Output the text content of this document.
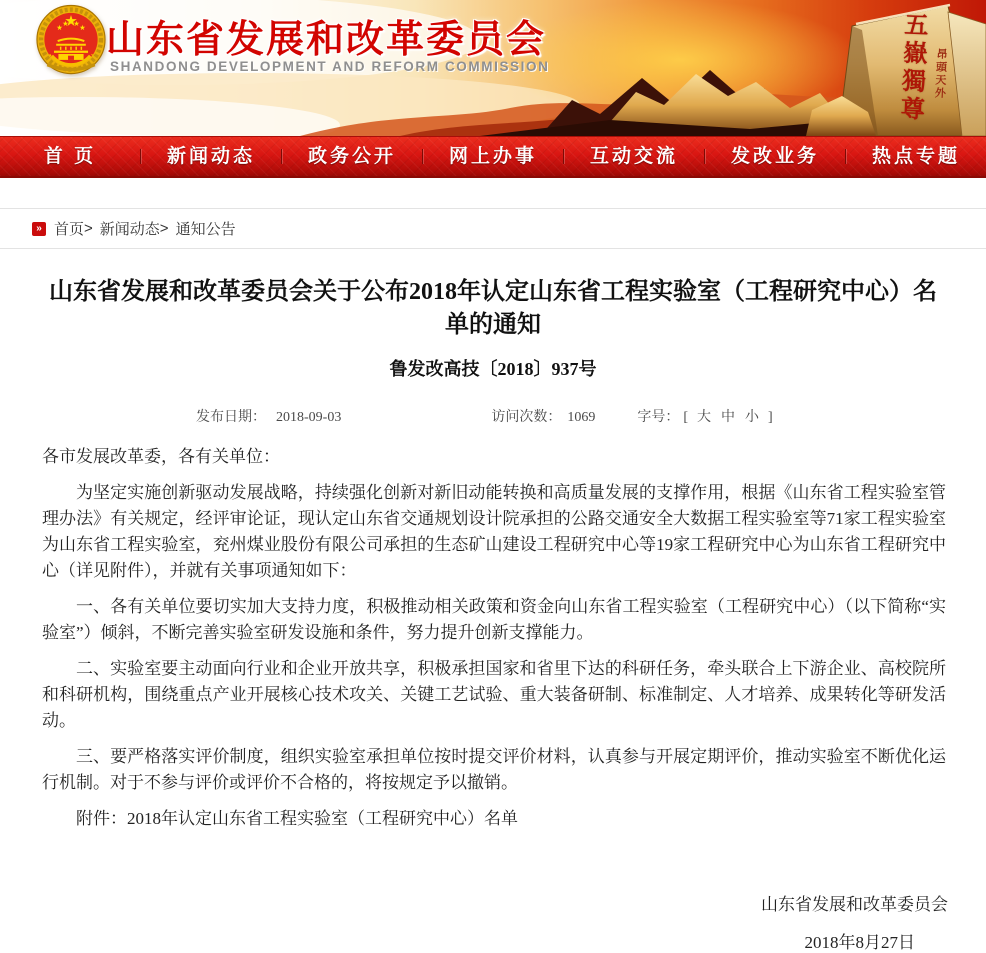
山东省发展和改革委员会
SHANDONG DEVELOPMENT AND REFORM COMMISSION	五嶽獨尊 昂頭天外
首 页	新闻动态	政务公开	网上办事	互动交流	发改业务	热点专题
» 首页 > 新闻动态 > 通知公告
山东省发展和改革委员会关于公布2018年认定山东省工程实验室（工程研究中心）名单的通知
鲁发改高技〔2018〕937号
发布日期： 2018-09-03	访问次数： 1069	字号： [ 大 中 小 ]

各市发展改革委，各有关单位：

为坚定实施创新驱动发展战略，持续强化创新对新旧动能转换和高质量发展的支撑作用，根据《山东省工程实验室管理办法》有关规定，经评审论证，现认定山东省交通规划设计院承担的公路交通安全大数据工程实验室等71家工程实验室为山东省工程实验室，兖州煤业股份有限公司承担的生态矿山建设工程研究中心等19家工程研究中心为山东省工程研究中心（详见附件），并就有关事项通知如下：

一、各有关单位要切实加大支持力度，积极推动相关政策和资金向山东省工程实验室（工程研究中心）（以下简称“实验室”）倾斜，不断完善实验室研发设施和条件，努力提升创新支撑能力。

二、实验室要主动面向行业和企业开放共享，积极承担国家和省里下达的科研任务，牵头联合上下游企业、高校院所和科研机构，围绕重点产业开展核心技术攻关、关键工艺试验、重大装备研制、标准制定、人才培养、成果转化等研发活动。

三、要严格落实评价制度，组织实验室承担单位按时提交评价材料，认真参与开展定期评价，推动实验室不断优化运行机制。对于不参与评价或评价不合格的，将按规定予以撤销。

附件：2018年认定山东省工程实验室（工程研究中心）名单

山东省发展和改革委员会
2018年8月27日
